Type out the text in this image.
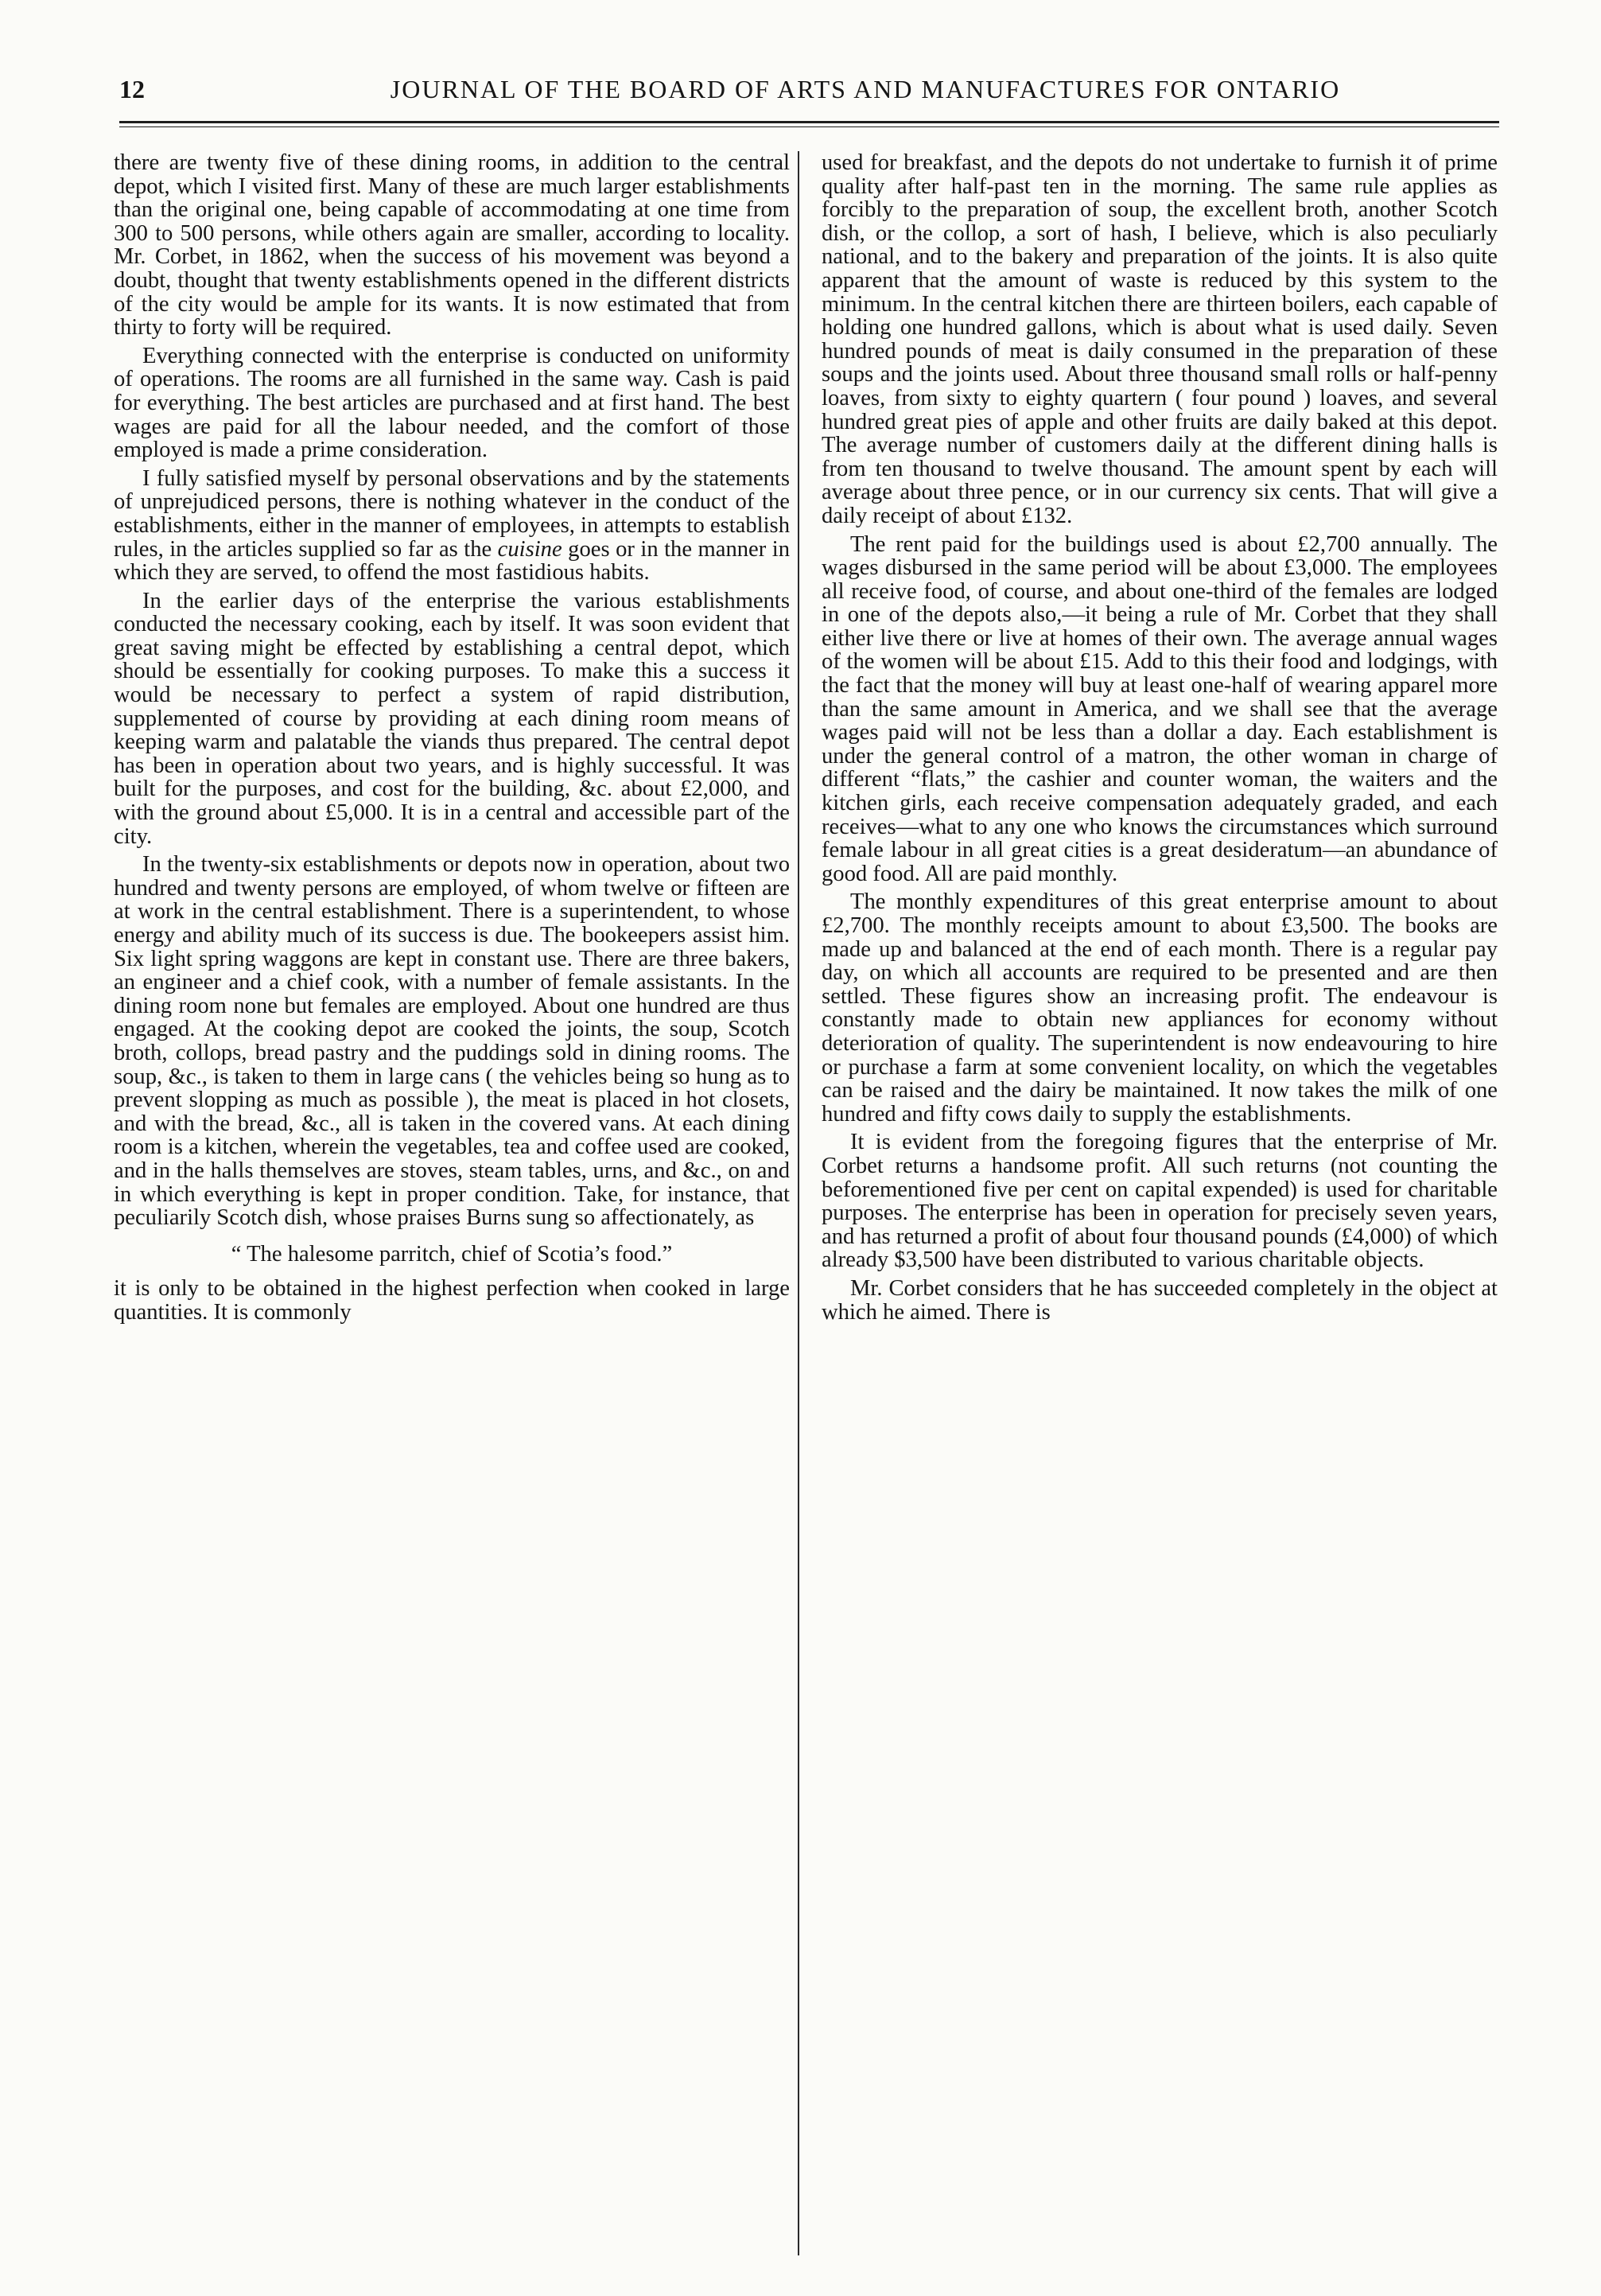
12	JOURNAL OF THE BOARD OF ARTS AND MANUFACTURES FOR ONTARIO

there are twenty five of these dining rooms, in addition to the central depot, which I visited first. Many of these are much larger establishments than the original one, being capable of accommodating at one time from 300 to 500 persons, while others again are smaller, according to locality. Mr. Corbet, in 1862, when the success of his movement was beyond a doubt, thought that twenty establishments opened in the different districts of the city would be ample for its wants. It is now estimated that from thirty to forty will be required.

Everything connected with the enterprise is conducted on uniformity of operations. The rooms are all furnished in the same way. Cash is paid for everything. The best articles are purchased and at first hand. The best wages are paid for all the labour needed, and the comfort of those employed is made a prime consideration.

I fully satisfied myself by personal observations and by the statements of unprejudiced persons, there is nothing whatever in the conduct of the establishments, either in the manner of employees, in attempts to establish rules, in the articles supplied so far as the cuisine goes or in the manner in which they are served, to offend the most fastidious habits.

In the earlier days of the enterprise the various establishments conducted the necessary cooking, each by itself. It was soon evident that great saving might be effected by establishing a central depot, which should be essentially for cooking purposes. To make this a success it would be necessary to perfect a system of rapid distribution, supplemented of course by providing at each dining room means of keeping warm and palatable the viands thus prepared. The central depot has been in operation about two years, and is highly successful. It was built for the purposes, and cost for the building, &c. about £2,000, and with the ground about £5,000. It is in a central and accessible part of the city.

In the twenty-six establishments or depots now in operation, about two hundred and twenty persons are employed, of whom twelve or fifteen are at work in the central establishment. There is a superintendent, to whose energy and ability much of its success is due. The bookeepers assist him. Six light spring waggons are kept in constant use. There are three bakers, an engineer and a chief cook, with a number of female assistants. In the dining room none but females are employed. About one hundred are thus engaged. At the cooking depot are cooked the joints, the soup, Scotch broth, collops, bread pastry and the puddings sold in dining rooms. The soup, &c., is taken to them in large cans ( the vehicles being so hung as to prevent slopping as much as possible ), the meat is placed in hot closets, and with the bread, &c., all is taken in the covered vans. At each dining room is a kitchen, wherein the vegetables, tea and coffee used are cooked, and in the halls themselves are stoves, steam tables, urns, and &c., on and in which everything is kept in proper condition. Take, for instance, that peculiarily Scotch dish, whose praises Burns sung so affectionately, as

“ The halesome parritch, chief of Scotia’s food.”

it is only to be obtained in the highest perfection when cooked in large quantities. It is commonly

used for breakfast, and the depots do not undertake to furnish it of prime quality after half-past ten in the morning. The same rule applies as forcibly to the preparation of soup, the excellent broth, another Scotch dish, or the collop, a sort of hash, I believe, which is also peculiarly national, and to the bakery and preparation of the joints. It is also quite apparent that the amount of waste is reduced by this system to the minimum. In the central kitchen there are thirteen boilers, each capable of holding one hundred gallons, which is about what is used daily. Seven hundred pounds of meat is daily consumed in the preparation of these soups and the joints used. About three thousand small rolls or half-penny loaves, from sixty to eighty quartern ( four pound ) loaves, and several hundred great pies of apple and other fruits are daily baked at this depot. The average number of customers daily at the different dining halls is from ten thousand to twelve thousand. The amount spent by each will average about three pence, or in our currency six cents. That will give a daily receipt of about £132.

The rent paid for the buildings used is about £2,700 annually. The wages disbursed in the same period will be about £3,000. The employees all receive food, of course, and about one-third of the females are lodged in one of the depots also,—it being a rule of Mr. Corbet that they shall either live there or live at homes of their own. The average annual wages of the women will be about £15. Add to this their food and lodgings, with the fact that the money will buy at least one-half of wearing apparel more than the same amount in America, and we shall see that the average wages paid will not be less than a dollar a day. Each establishment is under the general control of a matron, the other woman in charge of different “flats,” the cashier and counter woman, the waiters and the kitchen girls, each receive compensation adequately graded, and each receives—what to any one who knows the circumstances which surround female labour in all great cities is a great desideratum—an abundance of good food. All are paid monthly.

The monthly expenditures of this great enterprise amount to about £2,700. The monthly receipts amount to about £3,500. The books are made up and balanced at the end of each month. There is a regular pay day, on which all accounts are required to be presented and are then settled. These figures show an increasing profit. The endeavour is constantly made to obtain new appliances for economy without deterioration of quality. The superintendent is now endeavouring to hire or purchase a farm at some convenient locality, on which the vegetables can be raised and the dairy be maintained. It now takes the milk of one hundred and fifty cows daily to supply the establishments.

It is evident from the foregoing figures that the enterprise of Mr. Corbet returns a handsome profit. All such returns (not counting the beforementioned five per cent on capital expended) is used for charitable purposes. The enterprise has been in operation for precisely seven years, and has returned a profit of about four thousand pounds (£4,000) of which already $3,500 have been distributed to various charitable objects.

Mr. Corbet considers that he has succeeded completely in the object at which he aimed. There is
